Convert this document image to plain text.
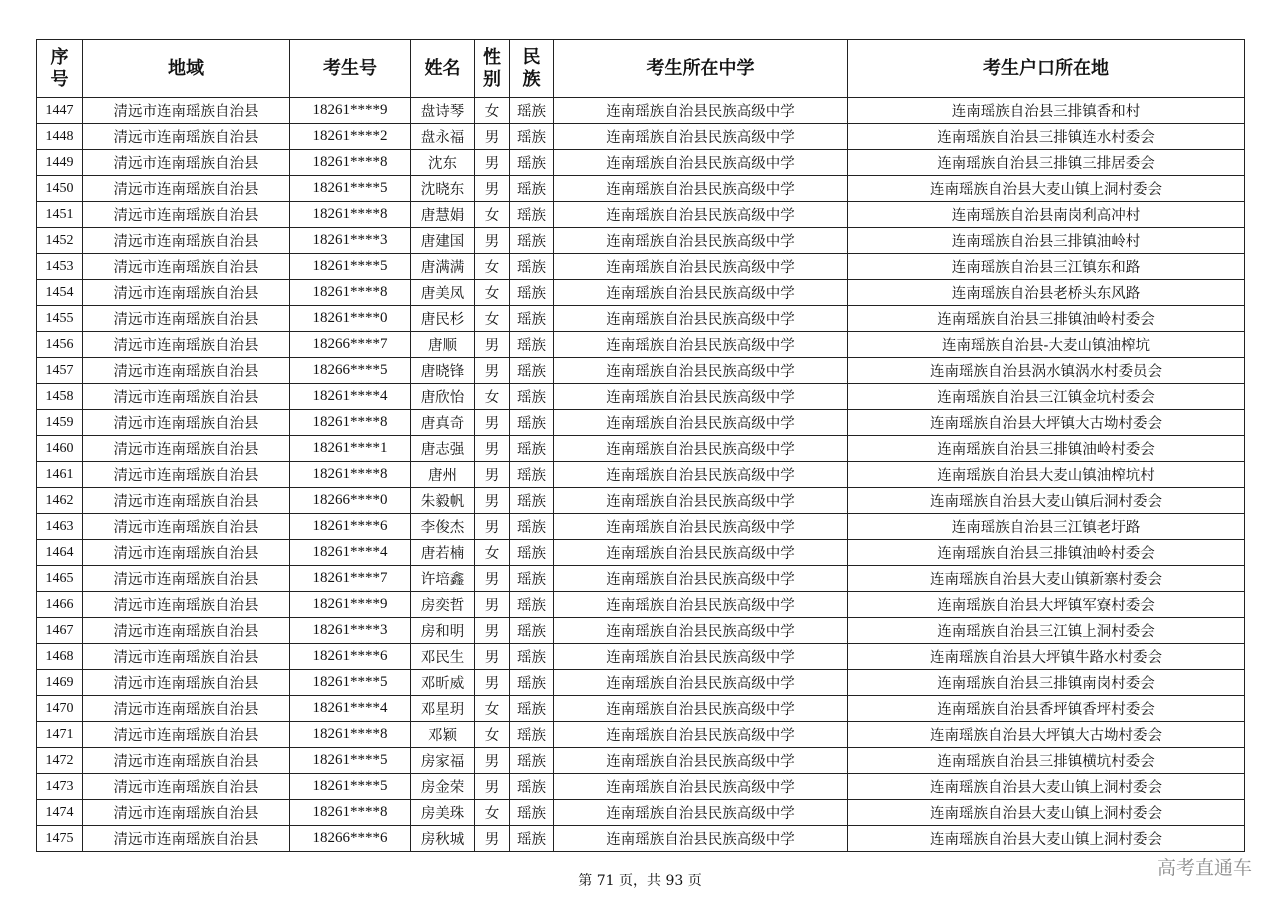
序号	地域	考生号	姓名	性别	民族	考生所在中学	考生户口所在地
1447	清远市连南瑶族自治县	18261****9	盘诗琴	女	瑶族	连南瑶族自治县民族高级中学	连南瑶族自治县三排镇香和村
1448	清远市连南瑶族自治县	18261****2	盘永福	男	瑶族	连南瑶族自治县民族高级中学	连南瑶族自治县三排镇连水村委会
1449	清远市连南瑶族自治县	18261****8	沈东	男	瑶族	连南瑶族自治县民族高级中学	连南瑶族自治县三排镇三排居委会
1450	清远市连南瑶族自治县	18261****5	沈晓东	男	瑶族	连南瑶族自治县民族高级中学	连南瑶族自治县大麦山镇上洞村委会
1451	清远市连南瑶族自治县	18261****8	唐慧娟	女	瑶族	连南瑶族自治县民族高级中学	连南瑶族自治县南岗利高冲村
1452	清远市连南瑶族自治县	18261****3	唐建国	男	瑶族	连南瑶族自治县民族高级中学	连南瑶族自治县三排镇油岭村
1453	清远市连南瑶族自治县	18261****5	唐满满	女	瑶族	连南瑶族自治县民族高级中学	连南瑶族自治县三江镇东和路
1454	清远市连南瑶族自治县	18261****8	唐美凤	女	瑶族	连南瑶族自治县民族高级中学	连南瑶族自治县老桥头东风路
1455	清远市连南瑶族自治县	18261****0	唐民杉	女	瑶族	连南瑶族自治县民族高级中学	连南瑶族自治县三排镇油岭村委会
1456	清远市连南瑶族自治县	18266****7	唐顺	男	瑶族	连南瑶族自治县民族高级中学	连南瑶族自治县-大麦山镇油榨坑
1457	清远市连南瑶族自治县	18266****5	唐晓锋	男	瑶族	连南瑶族自治县民族高级中学	连南瑶族自治县涡水镇涡水村委员会
1458	清远市连南瑶族自治县	18261****4	唐欣怡	女	瑶族	连南瑶族自治县民族高级中学	连南瑶族自治县三江镇金坑村委会
1459	清远市连南瑶族自治县	18261****8	唐真奇	男	瑶族	连南瑶族自治县民族高级中学	连南瑶族自治县大坪镇大古坳村委会
1460	清远市连南瑶族自治县	18261****1	唐志强	男	瑶族	连南瑶族自治县民族高级中学	连南瑶族自治县三排镇油岭村委会
1461	清远市连南瑶族自治县	18261****8	唐州	男	瑶族	连南瑶族自治县民族高级中学	连南瑶族自治县大麦山镇油榨坑村
1462	清远市连南瑶族自治县	18266****0	朱毅帆	男	瑶族	连南瑶族自治县民族高级中学	连南瑶族自治县大麦山镇后洞村委会
1463	清远市连南瑶族自治县	18261****6	李俊杰	男	瑶族	连南瑶族自治县民族高级中学	连南瑶族自治县三江镇老圩路
1464	清远市连南瑶族自治县	18261****4	唐若楠	女	瑶族	连南瑶族自治县民族高级中学	连南瑶族自治县三排镇油岭村委会
1465	清远市连南瑶族自治县	18261****7	许培鑫	男	瑶族	连南瑶族自治县民族高级中学	连南瑶族自治县大麦山镇新寨村委会
1466	清远市连南瑶族自治县	18261****9	房奕哲	男	瑶族	连南瑶族自治县民族高级中学	连南瑶族自治县大坪镇军寮村委会
1467	清远市连南瑶族自治县	18261****3	房和明	男	瑶族	连南瑶族自治县民族高级中学	连南瑶族自治县三江镇上洞村委会
1468	清远市连南瑶族自治县	18261****6	邓民生	男	瑶族	连南瑶族自治县民族高级中学	连南瑶族自治县大坪镇牛路水村委会
1469	清远市连南瑶族自治县	18261****5	邓昕威	男	瑶族	连南瑶族自治县民族高级中学	连南瑶族自治县三排镇南岗村委会
1470	清远市连南瑶族自治县	18261****4	邓星玥	女	瑶族	连南瑶族自治县民族高级中学	连南瑶族自治县香坪镇香坪村委会
1471	清远市连南瑶族自治县	18261****8	邓颖	女	瑶族	连南瑶族自治县民族高级中学	连南瑶族自治县大坪镇大古坳村委会
1472	清远市连南瑶族自治县	18261****5	房家福	男	瑶族	连南瑶族自治县民族高级中学	连南瑶族自治县三排镇横坑村委会
1473	清远市连南瑶族自治县	18261****5	房金荣	男	瑶族	连南瑶族自治县民族高级中学	连南瑶族自治县大麦山镇上洞村委会
1474	清远市连南瑶族自治县	18261****8	房美珠	女	瑶族	连南瑶族自治县民族高级中学	连南瑶族自治县大麦山镇上洞村委会
1475	清远市连南瑶族自治县	18266****6	房秋城	男	瑶族	连南瑶族自治县民族高级中学	连南瑶族自治县大麦山镇上洞村委会
第 71 页，共 93 页
高考直通车
